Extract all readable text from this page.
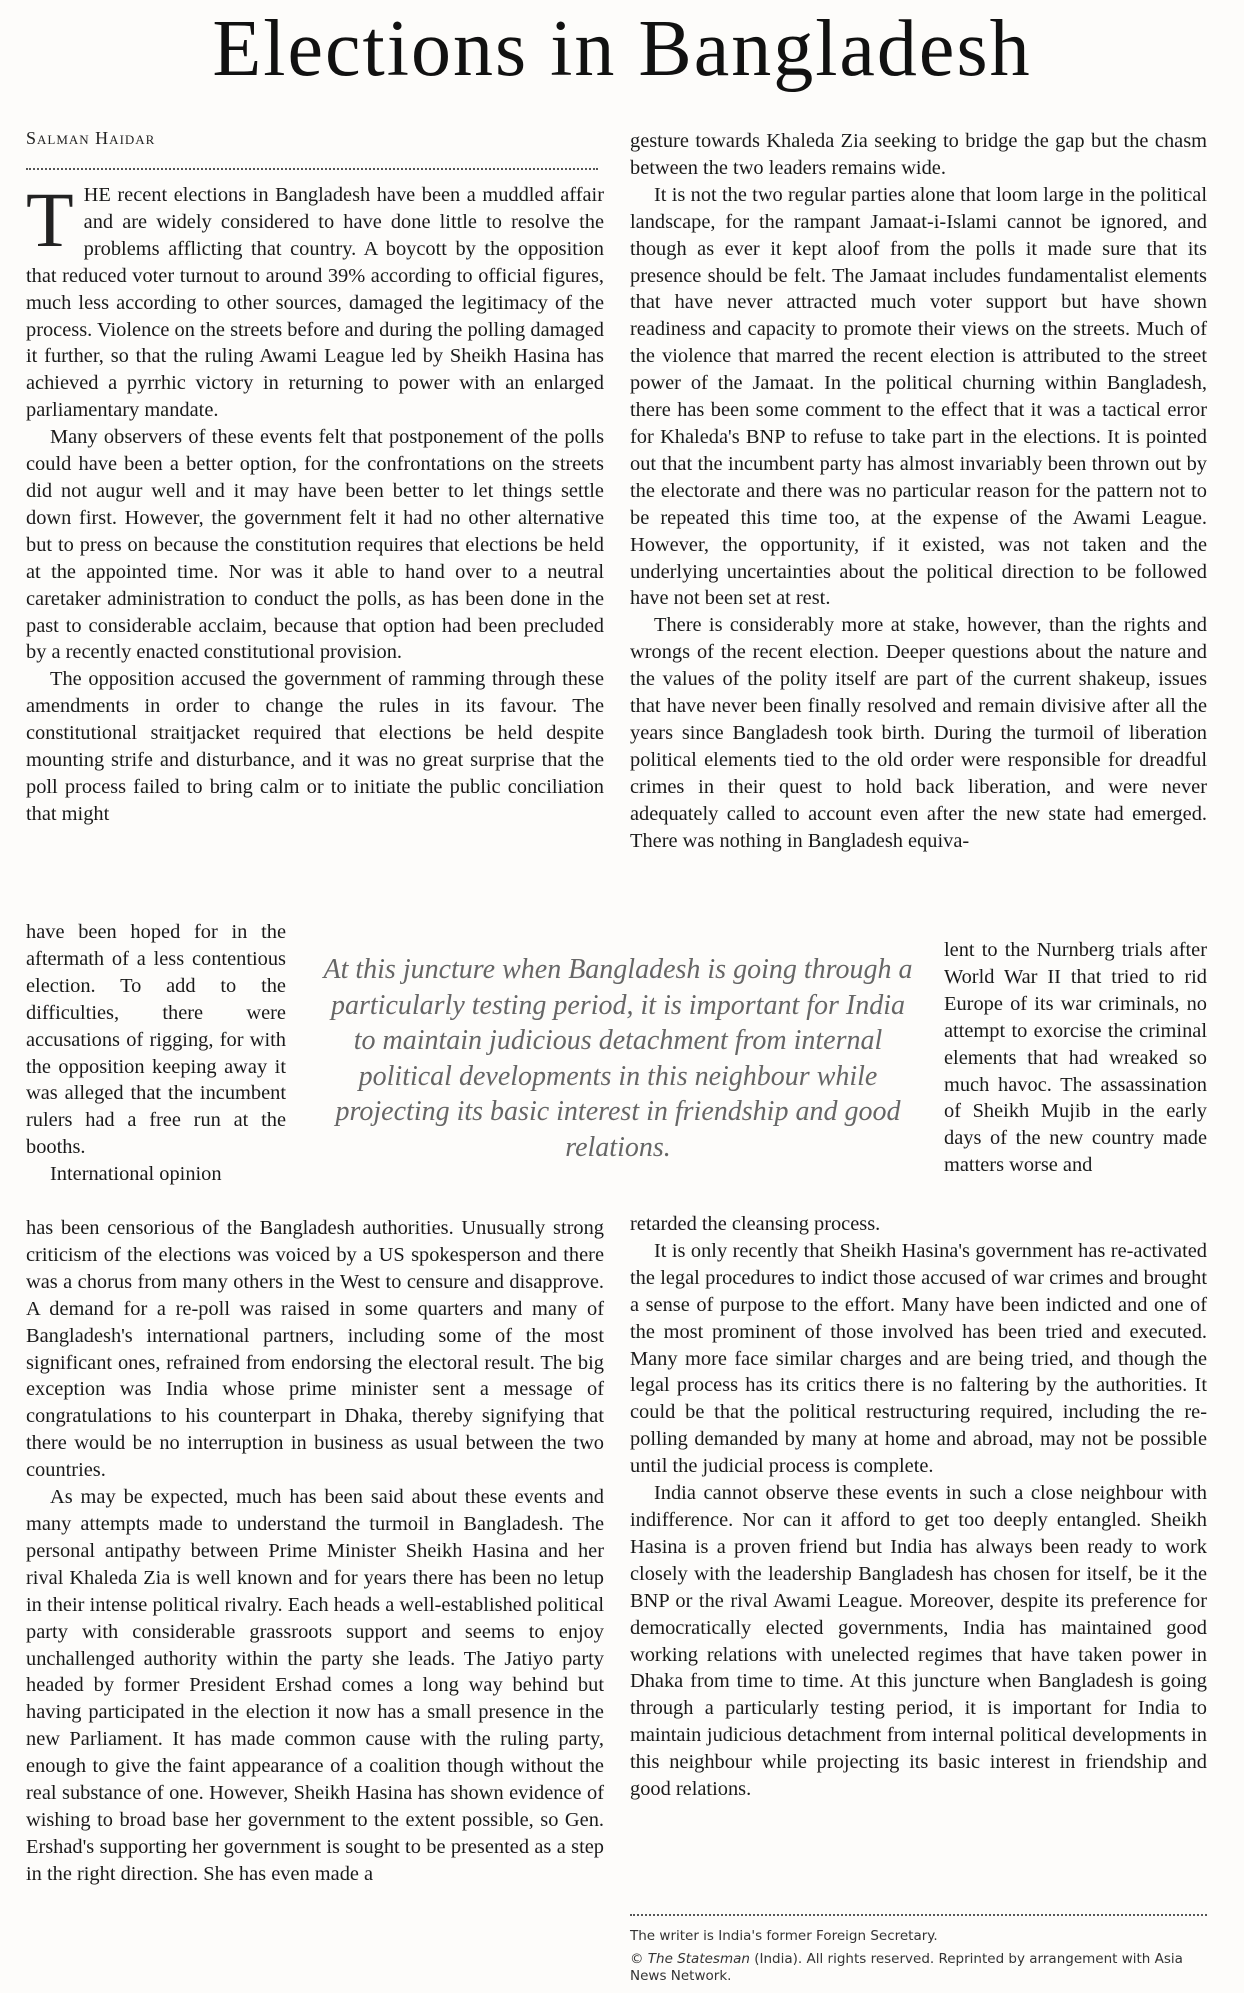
Elections in Bangladesh
Salman Haidar

THE recent elections in Bangladesh have been a muddled affair and are widely considered to have done little to resolve the problems afflicting that country. A boycott by the opposition that reduced voter turnout to around 39% according to official figures, much less according to other sources, damaged the legitimacy of the process. Violence on the streets before and during the polling damaged it further, so that the ruling Awami League led by Sheikh Hasina has achieved a pyrrhic victory in returning to power with an enlarged parliamentary mandate.

Many observers of these events felt that postponement of the polls could have been a better option, for the confrontations on the streets did not augur well and it may have been better to let things settle down first. However, the government felt it had no other alternative but to press on because the constitution requires that elections be held at the appointed time. Nor was it able to hand over to a neutral caretaker administration to conduct the polls, as has been done in the past to considerable acclaim, because that option had been precluded by a recently enacted constitutional provision.

The opposition accused the government of ramming through these amendments in order to change the rules in its favour. The constitutional straitjacket required that elections be held despite mounting strife and disturbance, and it was no great surprise that the poll process failed to bring calm or to initiate the public conciliation that might

have been hoped for in the aftermath of a less contentious election. To add to the difficulties, there were accusations of rigging, for with the opposition keeping away it was alleged that the incumbent rulers had a free run at the booths.

International opinion

has been censorious of the Bangladesh authorities. Unusually strong criticism of the elections was voiced by a US spokesperson and there was a chorus from many others in the West to censure and disapprove. A demand for a re-poll was raised in some quarters and many of Bangladesh's international partners, including some of the most significant ones, refrained from endorsing the electoral result. The big exception was India whose prime minister sent a message of congratulations to his counterpart in Dhaka, thereby signifying that there would be no interruption in business as usual between the two countries.

As may be expected, much has been said about these events and many attempts made to understand the turmoil in Bangladesh. The personal antipathy between Prime Minister Sheikh Hasina and her rival Khaleda Zia is well known and for years there has been no letup in their intense political rivalry. Each heads a well-established political party with considerable grassroots support and seems to enjoy unchallenged authority within the party she leads. The Jatiyo party headed by former President Ershad comes a long way behind but having participated in the election it now has a small presence in the new Parliament. It has made common cause with the ruling party, enough to give the faint appearance of a coalition though without the real substance of one. However, Sheikh Hasina has shown evidence of wishing to broad base her government to the extent possible, so Gen. Ershad's supporting her government is sought to be presented as a step in the right direction. She has even made a

gesture towards Khaleda Zia seeking to bridge the gap but the chasm between the two leaders remains wide.

It is not the two regular parties alone that loom large in the political landscape, for the rampant Jamaat-i-Islami cannot be ignored, and though as ever it kept aloof from the polls it made sure that its presence should be felt. The Jamaat includes fundamentalist elements that have never attracted much voter support but have shown readiness and capacity to promote their views on the streets. Much of the violence that marred the recent election is attributed to the street power of the Jamaat. In the political churning within Bangladesh, there has been some comment to the effect that it was a tactical error for Khaleda's BNP to refuse to take part in the elections. It is pointed out that the incumbent party has almost invariably been thrown out by the electorate and there was no particular reason for the pattern not to be repeated this time too, at the expense of the Awami League. However, the opportunity, if it existed, was not taken and the underlying uncertainties about the political direction to be followed have not been set at rest.

There is considerably more at stake, however, than the rights and wrongs of the recent election. Deeper questions about the nature and the values of the polity itself are part of the current shakeup, issues that have never been finally resolved and remain divisive after all the years since Bangladesh took birth. During the turmoil of liberation political elements tied to the old order were responsible for dreadful crimes in their quest to hold back liberation, and were never adequately called to account even after the new state had emerged. There was nothing in Bangladesh equiva-

lent to the Nurnberg trials after World War II that tried to rid Europe of its war criminals, no attempt to exorcise the criminal elements that had wreaked so much havoc. The assassination of Sheikh Mujib in the early days of the new country made matters worse and

retarded the cleansing process.

It is only recently that Sheikh Hasina's government has re-activated the legal procedures to indict those accused of war crimes and brought a sense of purpose to the effort. Many have been indicted and one of the most prominent of those involved has been tried and executed. Many more face similar charges and are being tried, and though the legal process has its critics there is no faltering by the authorities. It could be that the political restructuring required, including the re-polling demanded by many at home and abroad, may not be possible until the judicial process is complete.

India cannot observe these events in such a close neighbour with indifference. Nor can it afford to get too deeply entangled. Sheikh Hasina is a proven friend but India has always been ready to work closely with the leadership Bangladesh has chosen for itself, be it the BNP or the rival Awami League. Moreover, despite its preference for democratically elected governments, India has maintained good working relations with unelected regimes that have taken power in Dhaka from time to time. At this juncture when Bangladesh is going through a particularly testing period, it is important for India to maintain judicious detachment from internal political developments in this neighbour while projecting its basic interest in friendship and good relations.

At this juncture when Bangladesh is going through a particularly testing period, it is important for India to maintain judicious detachment from internal political developments in this neighbour while projecting its basic interest in friendship and good relations.
The writer is India's former Foreign Secretary.
© The Statesman (India). All rights reserved. Reprinted by arrangement with Asia News Network.
